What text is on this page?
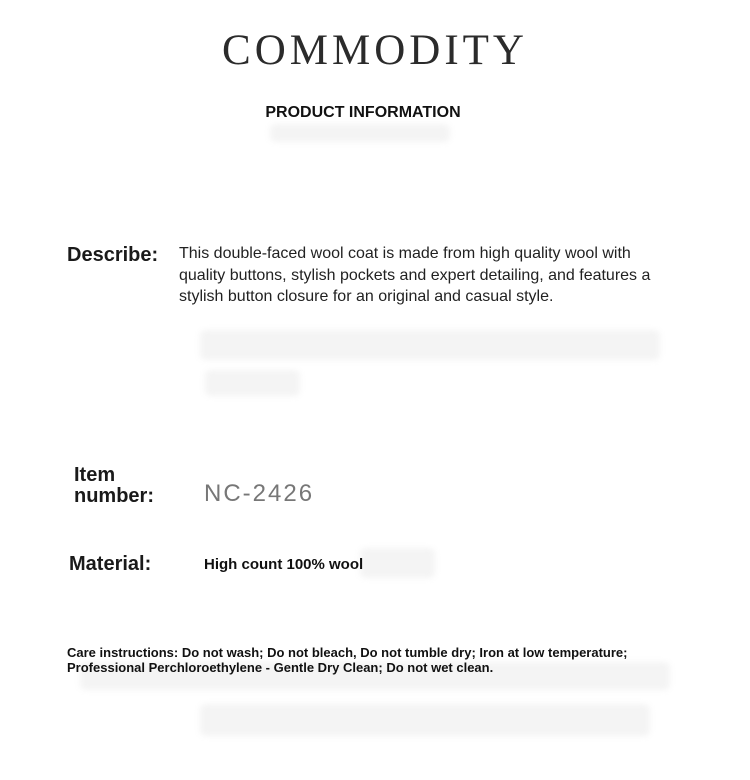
COMMODITY
PRODUCT INFORMATION
Describe: This double-faced wool coat is made from high quality wool with quality buttons, stylish pockets and expert detailing, and features a stylish button closure for an original and casual style.
Item
number: NC-2426
Material:	High count 100% wool
Care instructions: Do not wash; Do not bleach, Do not tumble dry; Iron at low temperature; Professional Perchloroethylene - Gentle Dry Clean; Do not wet clean.
